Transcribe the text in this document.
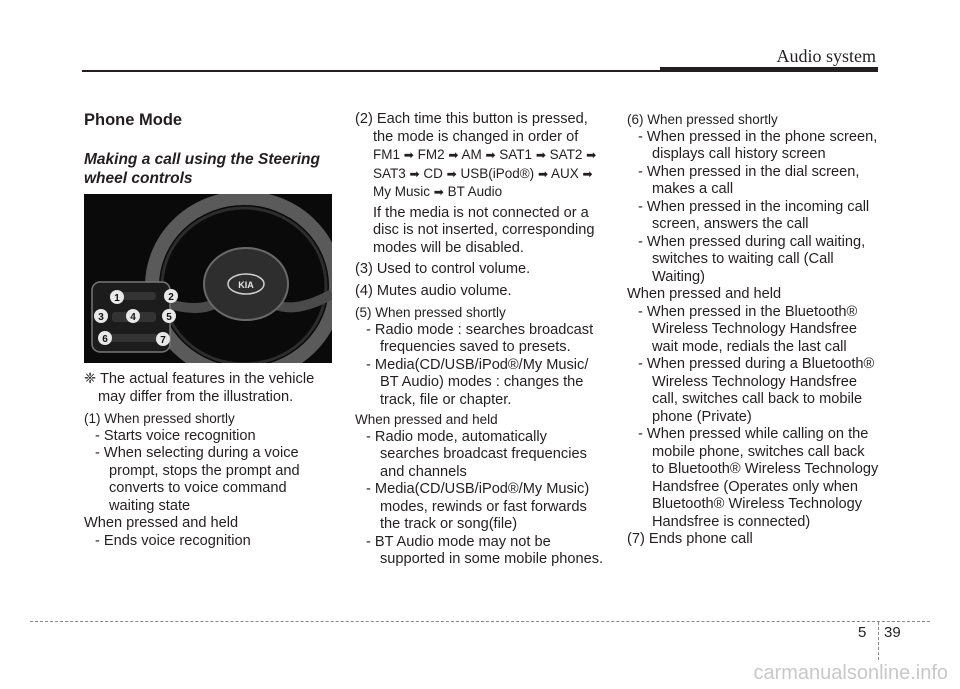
Audio system
Phone Mode
Making a call using the Steering wheel controls
KIA
1	2
3	4	5
6	7

❈ The actual features in the vehicle may differ from the illustration.

(1) When pressed shortly

- Starts voice recognition

- When selecting during a voice prompt, stops the prompt and converts to voice command waiting state

When pressed and held

- Ends voice recognition

(2) Each time this button is pressed, the mode is changed in order of

FM1 ➡ FM2 ➡ AM ➡ SAT1 ➡ SAT2 ➡ SAT3 ➡ CD ➡ USB(iPod®) ➡ AUX ➡ My Music ➡ BT Audio

If the media is not connected or a disc is not inserted, corresponding modes will be disabled.

(3) Used to control volume.

(4) Mutes audio volume.

(5) When pressed shortly

- Radio mode : searches broadcast frequencies saved to presets.

- Media(CD/USB/iPod®/My Music/ BT Audio) modes : changes the track, file or chapter.

When pressed and held

- Radio mode, automatically searches broadcast frequencies and channels

- Media(CD/USB/iPod®/My Music) modes, rewinds or fast forwards the track or song(file)

- BT Audio mode may not be supported in some mobile phones.

(6) When pressed shortly

- When pressed in the phone screen, displays call history screen

- When pressed in the dial screen, makes a call

- When pressed in the incoming call screen, answers the call

- When pressed during call waiting, switches to waiting call (Call Waiting)

When pressed and held

- When pressed in the Bluetooth® Wireless Technology Handsfree wait mode, redials the last call

- When pressed during a Bluetooth® Wireless Technology Handsfree call, switches call back to mobile phone (Private)

- When pressed while calling on the mobile phone, switches call back to Bluetooth® Wireless Technology Handsfree (Operates only when Bluetooth® Wireless Technology Handsfree is connected)

(7) Ends phone call

5 39
carmanualsonline.info
